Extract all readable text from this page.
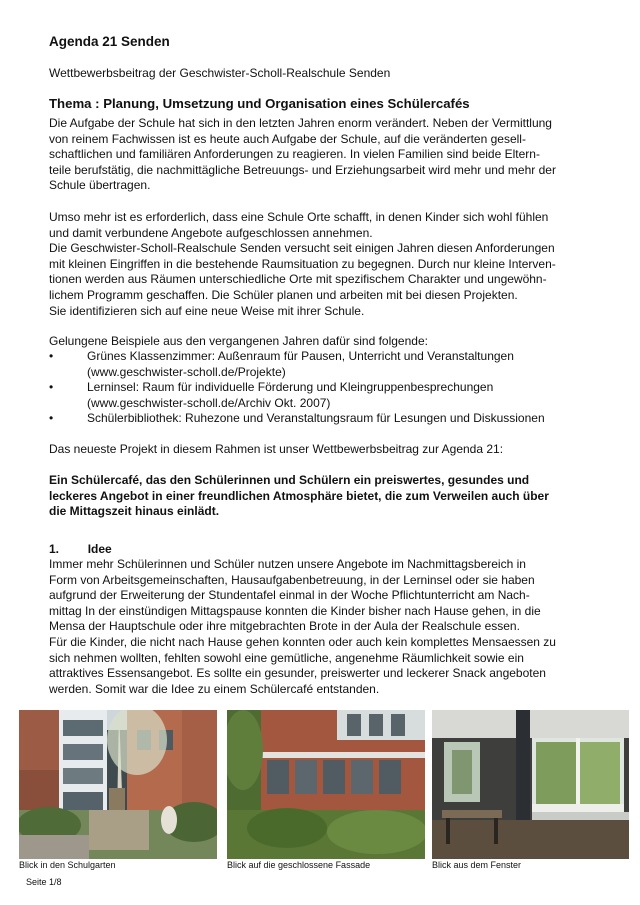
Agenda 21 Senden
Wettbewerbsbeitrag der Geschwister-Scholl-Realschule Senden
Thema : Planung, Umsetzung und Organisation eines Schülercafés
Die Aufgabe der Schule hat sich in den letzten Jahren enorm verändert. Neben der Vermittlung
von reinem Fachwissen ist es heute auch Aufgabe der Schule, auf die veränderten gesell-
schaftlichen und familiären Anforderungen zu reagieren. In vielen Familien sind beide Eltern-
teile berufstätig, die nachmittägliche Betreuungs- und Erziehungsarbeit wird mehr und mehr der
Schule übertragen.
Umso mehr ist es erforderlich, dass eine Schule Orte schafft, in denen Kinder sich wohl fühlen
und damit verbundene Angebote aufgeschlossen annehmen.
Die Geschwister-Scholl-Realschule Senden versucht seit einigen Jahren diesen Anforderungen
mit kleinen Eingriffen in die bestehende Raumsituation zu begegnen. Durch nur kleine Interven-
tionen werden aus Räumen unterschiedliche Orte mit spezifischem Charakter und ungewöhn-
lichem Programm geschaffen. Die Schüler planen und arbeiten mit bei diesen Projekten.
Sie identifizieren sich auf eine neue Weise mit ihrer Schule.
Gelungene Beispiele aus den vergangenen Jahren dafür sind folgende:
•	Grünes Klassenzimmer: Außenraum für Pausen, Unterricht und Veranstaltungen
(www.geschwister-scholl.de/Projekte)
•	Lerninsel: Raum für individuelle Förderung und Kleingruppenbesprechungen
(www.geschwister-scholl.de/Archiv Okt. 2007)
•	Schülerbibliothek: Ruhezone und Veranstaltungsraum für Lesungen und Diskussionen
Das neueste Projekt in diesem Rahmen ist unser Wettbewerbsbeitrag zur Agenda 21:
Ein Schülercafé, das den Schülerinnen und Schülern ein preiswertes, gesundes und
leckeres Angebot in einer freundlichen Atmosphäre bietet, die zum Verweilen auch über
die Mittagszeit hinaus einlädt.
1. Idee
Immer mehr Schülerinnen und Schüler nutzen unsere Angebote im Nachmittagsbereich in
Form von Arbeitsgemeinschaften, Hausaufgabenbetreuung, in der Lerninsel oder sie haben
aufgrund der Erweiterung der Stundentafel einmal in der Woche Pflichtunterricht am Nach-
mittag In der einstündigen Mittagspause konnten die Kinder bisher nach Hause gehen, in die
Mensa der Hauptschule oder ihre mitgebrachten Brote in der Aula der Realschule essen.
Für die Kinder, die nicht nach Hause gehen konnten oder auch kein komplettes Mensaessen zu
sich nehmen wollten, fehlten sowohl eine gemütliche, angenehme Räumlichkeit sowie ein
attraktives Essensangebot. Es sollte ein gesunder, preiswerter und leckerer Snack angeboten
werden. Somit war die Idee zu einem Schülercafé entstanden.
Blick in den Schulgarten	Blick auf die geschlossene Fassade	Blick aus dem Fenster
Seite 1/8
